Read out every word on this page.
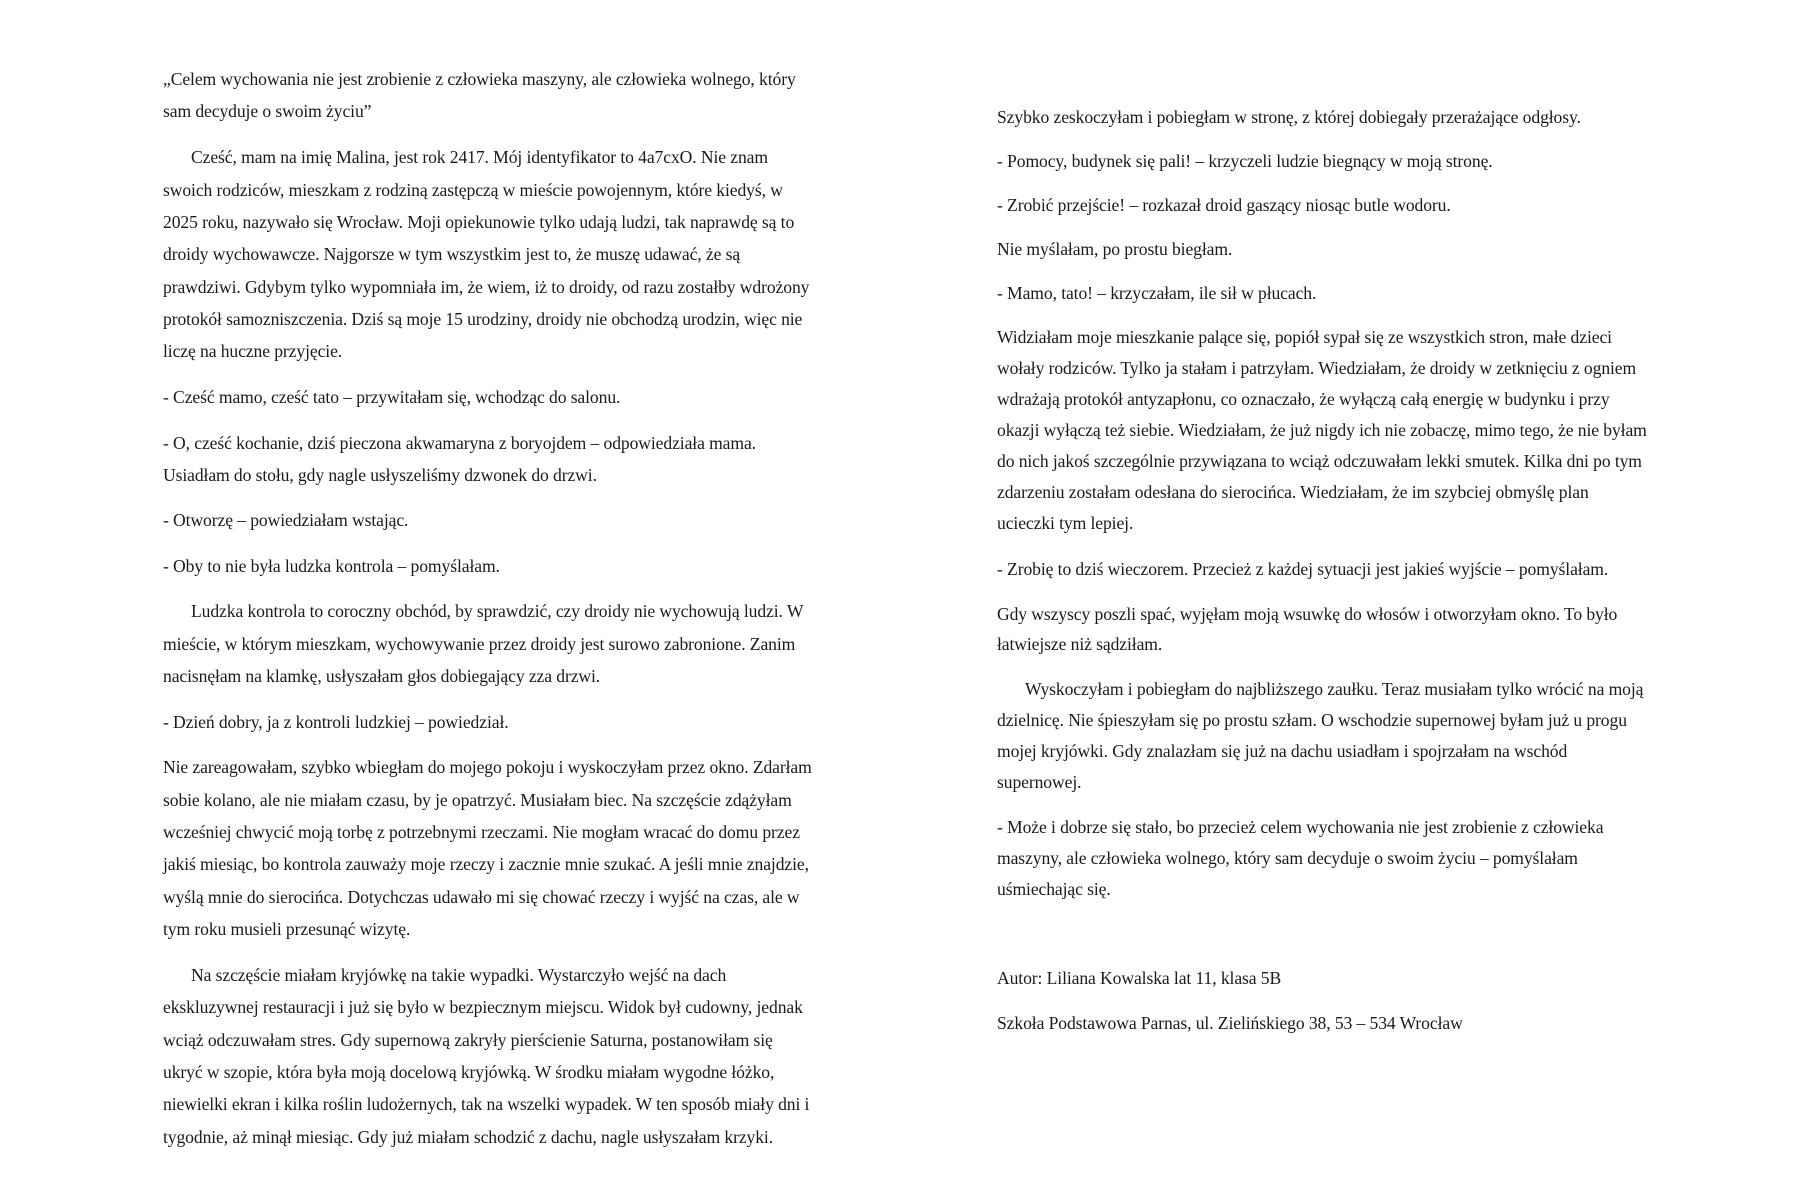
„Celem wychowania nie jest zrobienie z człowieka maszyny, ale człowieka wolnego, który
sam decyduje o swoim życiu”
Cześć, mam na imię Malina, jest rok 2417. Mój identyfikator to 4a7cxO. Nie znam
swoich rodziców, mieszkam z rodziną zastępczą w mieście powojennym, które kiedyś, w
2025 roku, nazywało się Wrocław. Moji opiekunowie tylko udają ludzi, tak naprawdę są to
droidy wychowawcze. Najgorsze w tym wszystkim jest to, że muszę udawać, że są
prawdziwi. Gdybym tylko wypomniała im, że wiem, iż to droidy, od razu zostałby wdrożony
protokół samozniszczenia. Dziś są moje 15 urodziny, droidy nie obchodzą urodzin, więc nie
liczę na huczne przyjęcie.
- Cześć mamo, cześć tato – przywitałam się, wchodząc do salonu.
- O, cześć kochanie, dziś pieczona akwamaryna z boryojdem – odpowiedziała mama.
Usiadłam do stołu, gdy nagle usłyszeliśmy dzwonek do drzwi.
- Otworzę – powiedziałam wstając.
- Oby to nie była ludzka kontrola – pomyślałam.
Ludzka kontrola to coroczny obchód, by sprawdzić, czy droidy nie wychowują ludzi. W
mieście, w którym mieszkam, wychowywanie przez droidy jest surowo zabronione. Zanim
nacisnęłam na klamkę, usłyszałam głos dobiegający zza drzwi.
- Dzień dobry, ja z kontroli ludzkiej – powiedział.
Nie zareagowałam, szybko wbiegłam do mojego pokoju i wyskoczyłam przez okno. Zdarłam
sobie kolano, ale nie miałam czasu, by je opatrzyć. Musiałam biec. Na szczęście zdążyłam
wcześniej chwycić moją torbę z potrzebnymi rzeczami. Nie mogłam wracać do domu przez
jakiś miesiąc, bo kontrola zauważy moje rzeczy i zacznie mnie szukać. A jeśli mnie znajdzie,
wyślą mnie do sierocińca. Dotychczas udawało mi się chować rzeczy i wyjść na czas, ale w
tym roku musieli przesunąć wizytę.
Na szczęście miałam kryjówkę na takie wypadki. Wystarczyło wejść na dach
ekskluzywnej restauracji i już się było w bezpiecznym miejscu. Widok był cudowny, jednak
wciąż odczuwałam stres. Gdy supernową zakryły pierścienie Saturna, postanowiłam się
ukryć w szopie, która była moją docelową kryjówką. W środku miałam wygodne łóżko,
niewielki ekran i kilka roślin ludożernych, tak na wszelki wypadek. W ten sposób miały dni i
tygodnie, aż minął miesiąc. Gdy już miałam schodzić z dachu, nagle usłyszałam krzyki.
Szybko zeskoczyłam i pobiegłam w stronę, z której dobiegały przerażające odgłosy.
- Pomocy, budynek się pali! – krzyczeli ludzie biegnący w moją stronę.
- Zrobić przejście! – rozkazał droid gaszący niosąc butle wodoru.
Nie myślałam, po prostu biegłam.
- Mamo, tato! – krzyczałam, ile sił w płucach.
Widziałam moje mieszkanie palące się, popiół sypał się ze wszystkich stron, małe dzieci
wołały rodziców. Tylko ja stałam i patrzyłam. Wiedziałam, że droidy w zetknięciu z ogniem
wdrażają protokół antyzapłonu, co oznaczało, że wyłączą całą energię w budynku i przy
okazji wyłączą też siebie. Wiedziałam, że już nigdy ich nie zobaczę, mimo tego, że nie byłam
do nich jakoś szczególnie przywiązana to wciąż odczuwałam lekki smutek. Kilka dni po tym
zdarzeniu zostałam odesłana do sierocińca. Wiedziałam, że im szybciej obmyślę plan
ucieczki tym lepiej.
- Zrobię to dziś wieczorem. Przecież z każdej sytuacji jest jakieś wyjście – pomyślałam.
Gdy wszyscy poszli spać, wyjęłam moją wsuwkę do włosów i otworzyłam okno. To było
łatwiejsze niż sądziłam.
Wyskoczyłam i pobiegłam do najbliższego zaułku. Teraz musiałam tylko wrócić na moją
dzielnicę. Nie śpieszyłam się po prostu szłam. O wschodzie supernowej byłam już u progu
mojej kryjówki. Gdy znalazłam się już na dachu usiadłam i spojrzałam na wschód
supernowej.
- Może i dobrze się stało, bo przecież celem wychowania nie jest zrobienie z człowieka
maszyny, ale człowieka wolnego, który sam decyduje o swoim życiu – pomyślałam
uśmiechając się.
Autor: Liliana Kowalska lat 11, klasa 5B
Szkoła Podstawowa Parnas, ul. Zielińskiego 38, 53 – 534 Wrocław
